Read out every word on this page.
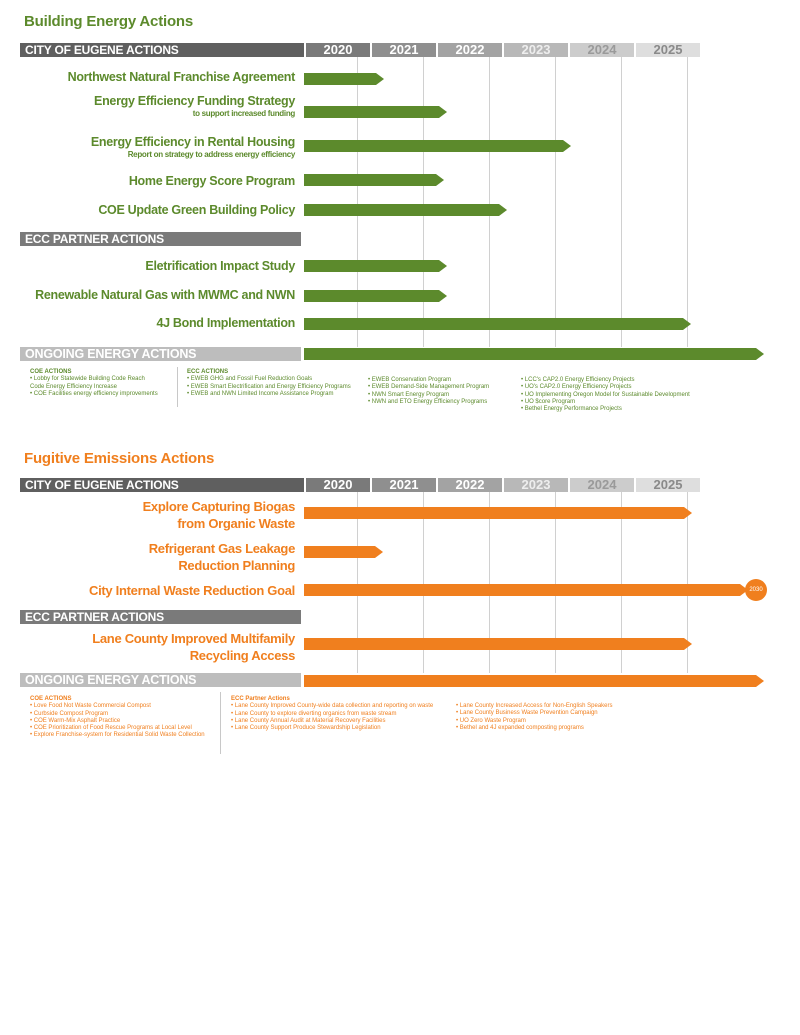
Building Energy Actions
CITY OF EUGENE ACTIONS	2020	2021	2022	2023	2024	2025
ECC PARTNER ACTIONS
ONGOING ENERGY ACTIONS
Northwest Natural Franchise Agreement
Energy Efficiency Funding Strategy
to support increased funding
Energy Efficiency in Rental Housing
Report on strategy to address energy efficiency
Home Energy Score Program
COE Update Green Building Policy
Eletrification Impact Study
Renewable Natural Gas with MWMC and NWN
4J Bond Implementation
COE ACTIONS
• Lobby for Statewide Building Code Reach
Code Energy Efficiency Increase
• COE Facilities energy efficiency improvements
ECC ACTIONS
• EWEB GHG and Fossil Fuel Reduction Goals
• EWEB Smart Electrification and Energy Efficiency Programs
• EWEB and NWN Limited Income Assistance Program
• EWEB Conservation Program
• EWEB Demand-Side Management Program
• NWN Smart Energy Program
• NWN and ETO Energy Efficiency Programs
• LCC's CAP2.0 Energy Efficiency Projects
• UO's CAP2.0 Energy Efficiency Projects
• UO Implementing Oregon Model for Sustainable Development
• UO $core Program
• Bethel Energy Performance Projects
Fugitive Emissions Actions
CITY OF EUGENE ACTIONS	2020	2021	2022	2023	2024	2025
ECC PARTNER ACTIONS
ONGOING ENERGY ACTIONS
Explore Capturing Biogas
from Organic Waste
Refrigerant Gas Leakage
Reduction Planning
City Internal Waste Reduction Goal
Lane County Improved Multifamily
Recycling Access
2030
COE ACTIONS
• Love Food Not Waste Commercial Compost
• Curbside Compost Program
• COE Warm-Mix Asphalt Practice
• COE Prioritization of Food Rescue Programs at Local Level
• Explore Franchise-system for Residential Solid Waste Collection
ECC Partner Actions
• Lane County Improved County-wide data collection and reporting on waste
• Lane County to explore diverting organics from waste stream
• Lane County Annual Audit at Material Recovery Facilities
• Lane County Support Produce Stewardship Legislation
• Lane County Increased Access for Non-English Speakers
• Lane County Business Waste Prevention Campaign
• UO Zero Waste Program
• Bethel and 4J expanded composting programs
